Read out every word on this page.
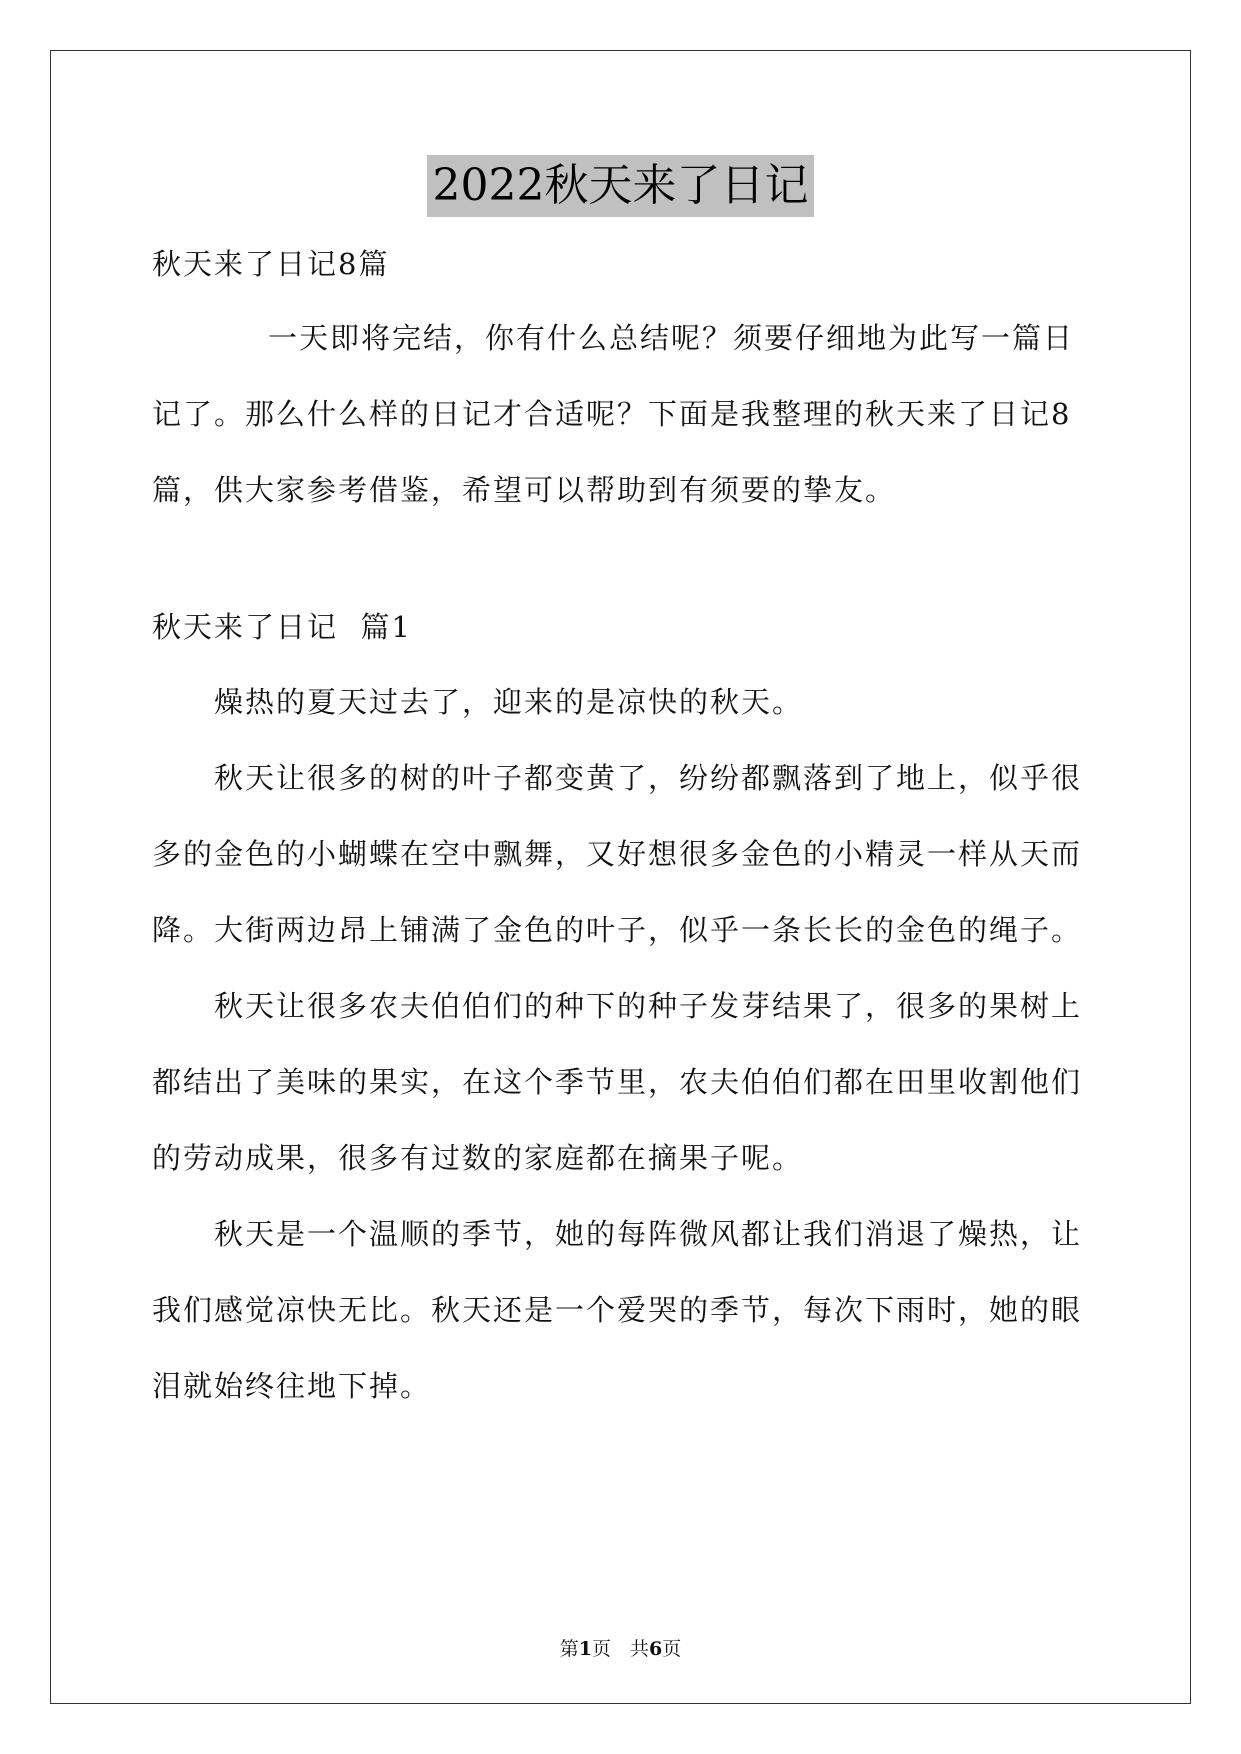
2022秋天来了日记
秋天来了日记8篇
一天即将完结，你有什么总结呢？须要仔细地为此写一篇日
记了。那么什么样的日记才合适呢？下面是我整理的秋天来了日记8
篇，供大家参考借鉴，希望可以帮助到有须要的挚友。
秋天来了日记  篇1
燥热的夏天过去了，迎来的是凉快的秋天。
秋天让很多的树的叶子都变黄了，纷纷都飘落到了地上，似乎很
多的金色的小蝴蝶在空中飘舞，又好想很多金色的小精灵一样从天而
降。大街两边昂上铺满了金色的叶子，似乎一条长长的金色的绳子。
秋天让很多农夫伯伯们的种下的种子发芽结果了，很多的果树上
都结出了美味的果实，在这个季节里，农夫伯伯们都在田里收割他们
的劳动成果，很多有过数的家庭都在摘果子呢。
秋天是一个温顺的季节，她的每阵微风都让我们消退了燥热，让
我们感觉凉快无比。秋天还是一个爱哭的季节，每次下雨时，她的眼
泪就始终往地下掉。
第1页　共6页
